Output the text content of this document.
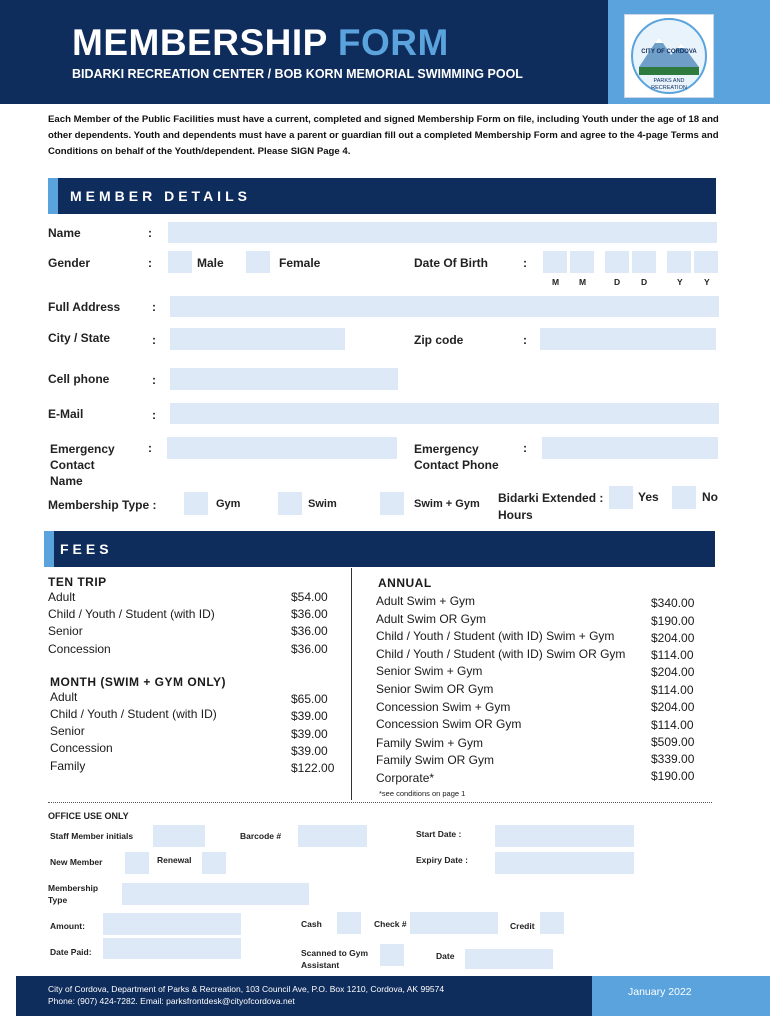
CITY OF CORDOVA
PARKS AND
RECREATION
MEMBERSHIP FORM
BIDARKI RECREATION CENTER / BOB KORN MEMORIAL SWIMMING POOL
Each Member of the Public Facilities must have a current, completed and signed Membership Form on file, including Youth under the age of 18 and other dependents. Youth and dependents must have a parent or guardian fill out a completed Membership Form and agree to the 4-page Terms and Conditions on behalf of the Youth/dependent. Please SIGN Page 4.
MEMBER DETAILS
Name	:
Gender	:	Male	Female	Date Of Birth	:
M M	D D	Y	Y
Full Address	:
City / State	:	Zip code	:
Cell phone	:
E-Mail	:
Emergency
Contact
Name
:	Emergency
Contact Phone
:
Membership Type :	Gym	Swim	Swim + Gym Bidarki Extended :
Hours
Yes	No
FEES
TEN TRIP
Adult	$54.00
Child / Youth / Student (with ID)	$36.00
Senior	$36.00
Concession	$36.00
MONTH (SWIM + GYM ONLY)
Adult	$65.00
Child / Youth / Student (with ID)	$39.00
Senior	$39.00
Concession	$39.00
Family	$122.00
ANNUAL
Adult Swim + Gym	$340.00
Adult Swim OR Gym	$190.00
Child / Youth / Student (with ID) Swim + Gym	$204.00
Child / Youth / Student (with ID) Swim OR Gym $114.00
Senior Swim + Gym	$204.00
Senior Swim OR Gym	$114.00
Concession Swim + Gym	$204.00
Concession Swim OR Gym	$114.00
Family Swim + Gym	$509.00
Family Swim OR Gym	$339.00
Corporate*	$190.00
*see conditions on page 1
OFFICE USE ONLY
Staff Member initials	Barcode #	Start Date :
New Member	Renewal	Expiry Date :
Membership
Type
Amount:	Cash	Check #	Credit
Date Paid:	Scanned to Gym
Assistant
Date
City of Cordova, Department of Parks & Recreation, 103 Council Ave, P.O. Box 1210, Cordova, AK 99574
Phone: (907) 424-7282. Email: parksfrontdesk@cityofcordova.net
January 2022
